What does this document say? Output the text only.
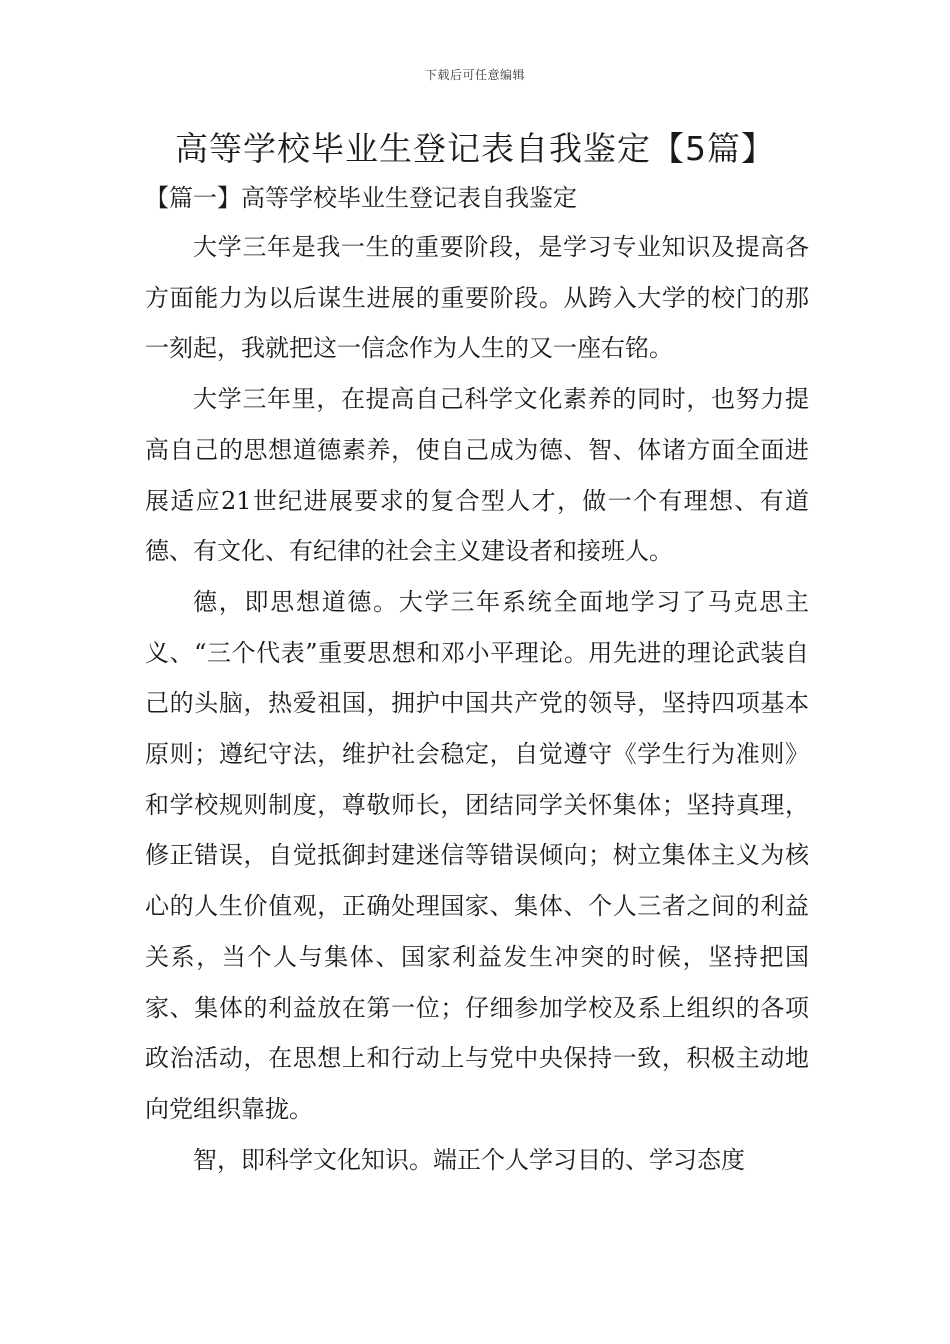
下载后可任意编辑
高等学校毕业生登记表自我鉴定【5篇】
【篇一】高等学校毕业生登记表自我鉴定

大学三年是我一生的重要阶段，是学习专业知识及提高各方面能力为以后谋生进展的重要阶段。从跨入大学的校门的那一刻起，我就把这一信念作为人生的又一座右铭。

大学三年里，在提高自己科学文化素养的同时，也努力提高自己的思想道德素养，使自己成为德、智、体诸方面全面进展适应21世纪进展要求的复合型人才，做一个有理想、有道德、有文化、有纪律的社会主义建设者和接班人。

德，即思想道德。大学三年系统全面地学习了马克思主义、“三个代表”重要思想和邓小平理论。用先进的理论武装自己的头脑，热爱祖国，拥护中国共产党的领导，坚持四项基本原则；遵纪守法，维护社会稳定，自觉遵守《学生行为准则》和学校规则制度，尊敬师长，团结同学关怀集体；坚持真理，修正错误，自觉抵御封建迷信等错误倾向；树立集体主义为核心的人生价值观，正确处理国家、集体、个人三者之间的利益关系，当个人与集体、国家利益发生冲突的时候，坚持把国家、集体的利益放在第一位；仔细参加学校及系上组织的各项政治活动，在思想上和行动上与党中央保持一致，积极主动地向党组织靠拢。

智，即科学文化知识。端正个人学习目的、学习态度
